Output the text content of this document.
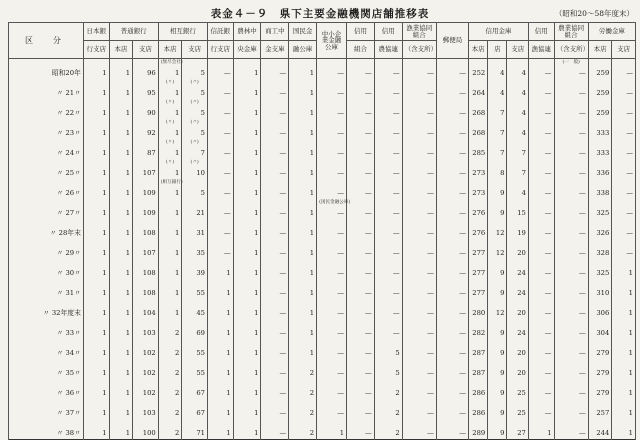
表金４－９　県下主要金融機関店舗推移表	（昭和20～58年度末）
区　分	日本銀	普通銀行		相互銀行		信託銀	農林中	商工中	国民金	中小企業金融公庫	信用	信用	漁業協同組合	郵便局	信用金庫			信用	農業協同組合	労働金庫	
	行支店	本店	支店	本店	支店	行支店	央金庫	金支庫	融公庫		組合	農協連	（含支所）		本店	店	支店	漁協連	（含支所）	本店	支店
				(無尽会社)															(一　般)		
昭和20年	1	1	96	1	5	—	1	—	1	—	—	—	—	—	252	4	4	—	—	259	—
				(〃)	(〃)																
〃 21〃	1	1	95	1	5	—	1	—	1	—	—	—	—	—	264	4	4	—	—	259	—
				(〃)	(〃)																
〃 22〃	1	1	90	1	5	—	1	—	1	—	—	—	—	—	268	7	4	—	—	259	—
				(〃)	(〃)																
〃 23〃	1	1	92	1	5	—	1	—	1	—	—	—	—	—	268	7	4	—	—	333	—
				(〃)	(〃)																
〃 24〃	1	1	87	1	7	—	1	—	1	—	—	—	—	—	285	7	7	—	—	333	—
				(〃)	(〃)																
〃 25〃	1	1	107	1	10	—	1	—	1	—	—	—	—	—	273	8	7	—	—	336	—
				(相互銀行)																	
〃 26〃	1	1	109	1	5	—	1	—	1	—	—	—	—	—	273	9	4	—	—	338	—
										(国民金融公庫)											
〃 27〃	1	1	109	1	21	—	1	—	1	—	—	—	—	—	276	9	15	—	—	325	—

〃 28年末	1	1	108	1	31	—	1	—	1	—	—	—	—	—	276	12	19	—	—	326	—

〃 29〃	1	1	107	1	35	—	1	—	1	—	—	—	—	—	277	12	20	—	—	328	—

〃 30〃	1	1	108	1	39	1	1	—	1	—	—	—	—	—	277	9	24	—	—	325	1

〃 31〃	1	1	108	1	55	1	1	—	1	—	—	—	—	—	277	9	24	—	—	310	1

〃 32年度末	1	1	104	1	45	1	1	—	1	—	—	—	—	—	280	12	20	—	—	306	1

〃 33〃	1	1	103	2	69	1	1	—	1	—	—	—	—	—	282	9	24	—	—	304	1

〃 34〃	1	1	102	2	55	1	1	—	1	—	—	5	—	—	287	9	20	—	—	279	1

〃 35〃	1	1	102	2	55	1	1	—	2	—	—	5	—	—	287	9	20	—	—	279	1

〃 36〃	1	1	102	2	67	1	1	—	2	—	—	2	—	—	286	9	25	—	—	279	1

〃 37〃	1	1	103	2	67	1	1	—	2	—	—	2	—	—	286	9	25	—	—	257	1

〃 38〃	1	1	100	2	71	1	1	—	2	1	—	2	—	—	289	9	27	1	—	244	1
